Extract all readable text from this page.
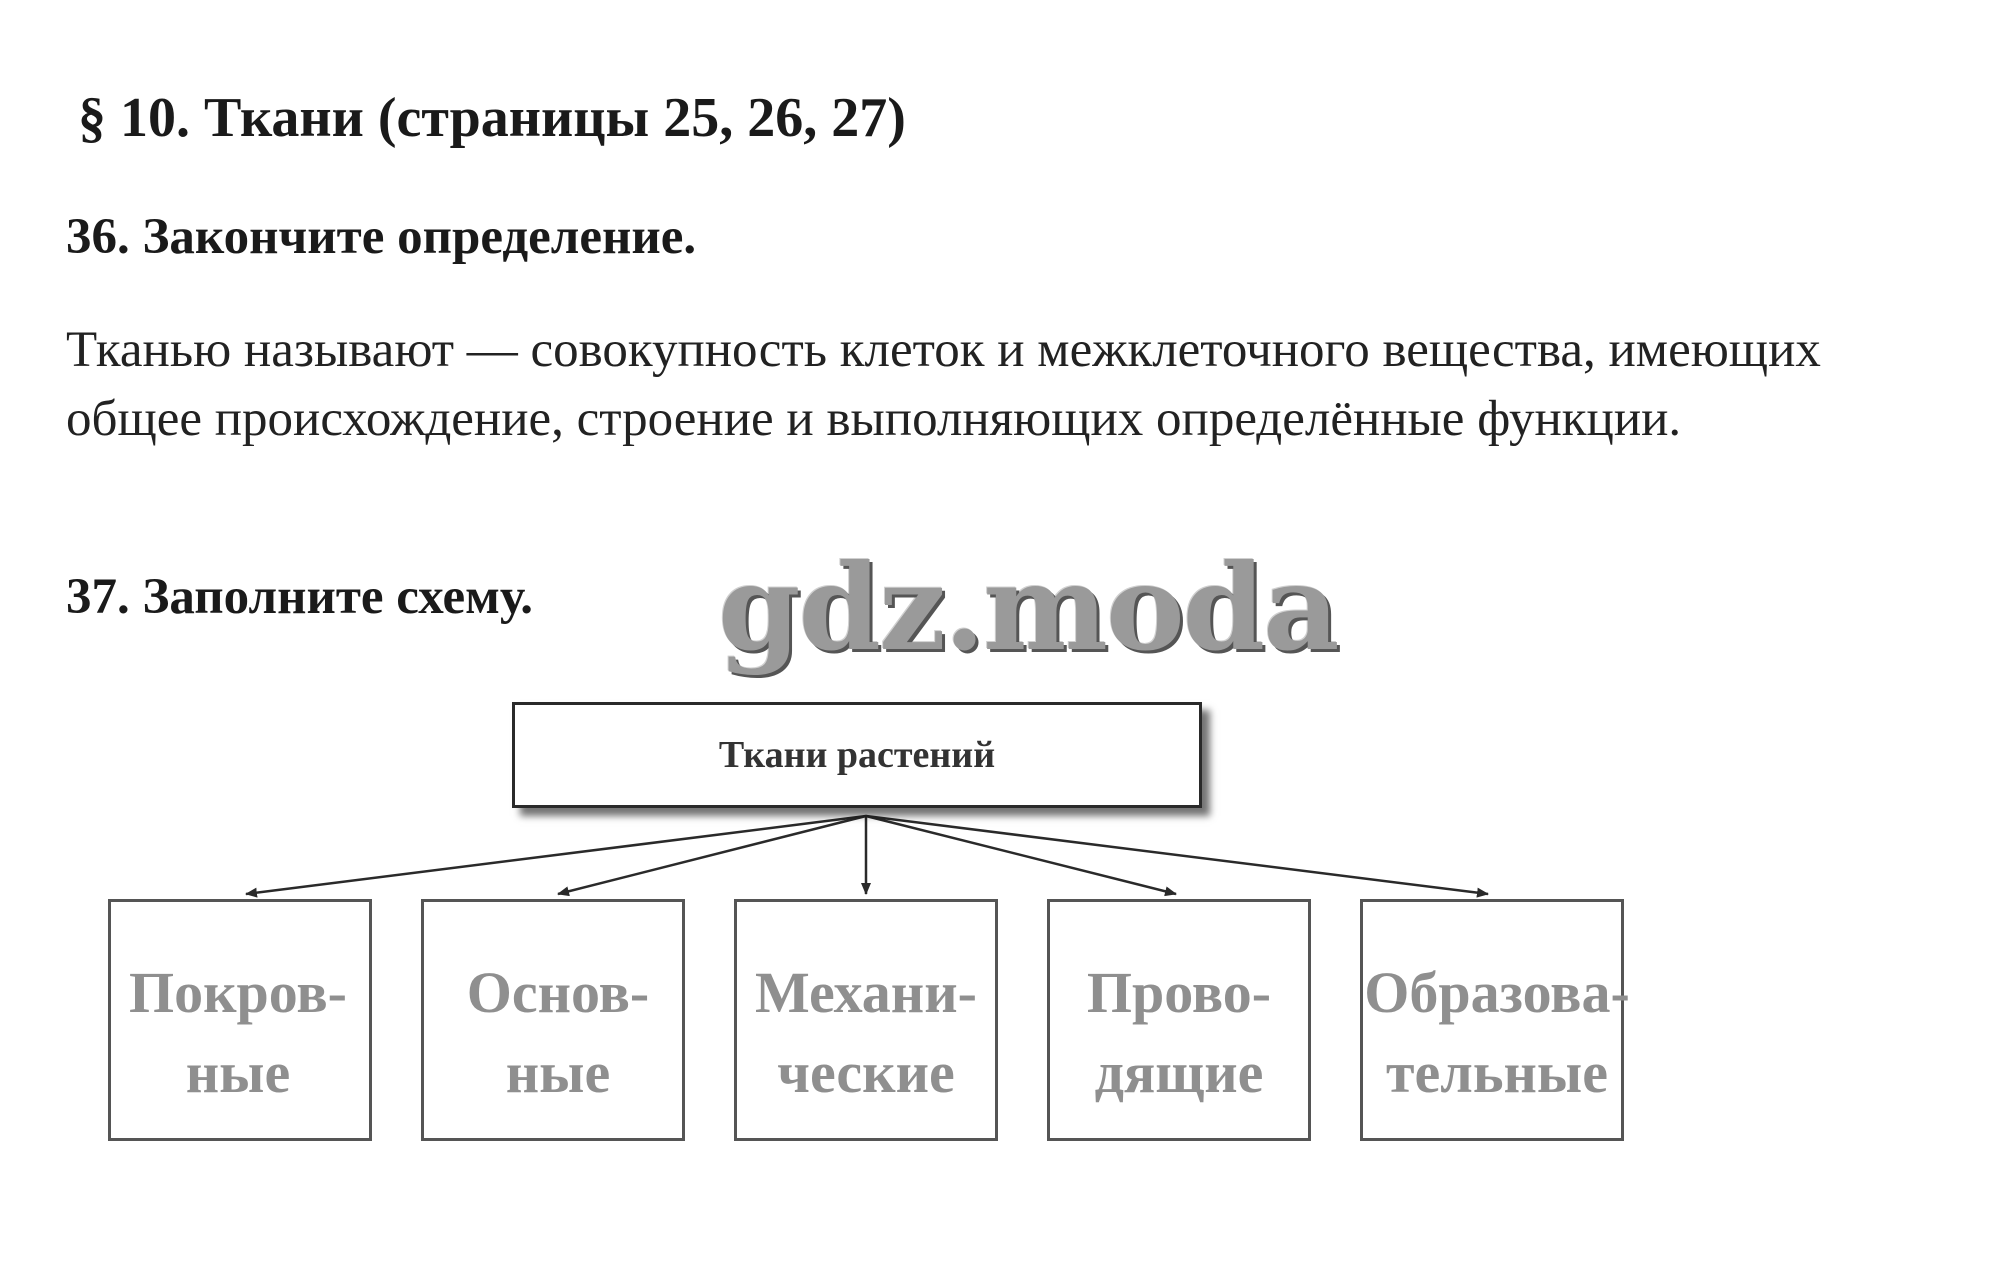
§ 10. Ткани (страницы 25, 26, 27)
36. Закончите определение.

Тканью называют — совокупность клеток и межклеточного вещества, имеющих общее происхождение, строение и выполняющих определённые функции.

37. Заполните схему. gdz.moda
Ткани растений

Покров-
ные

Основ-
ные

Механи-
ческие

Прово-
дящие

Образова-
тельные
